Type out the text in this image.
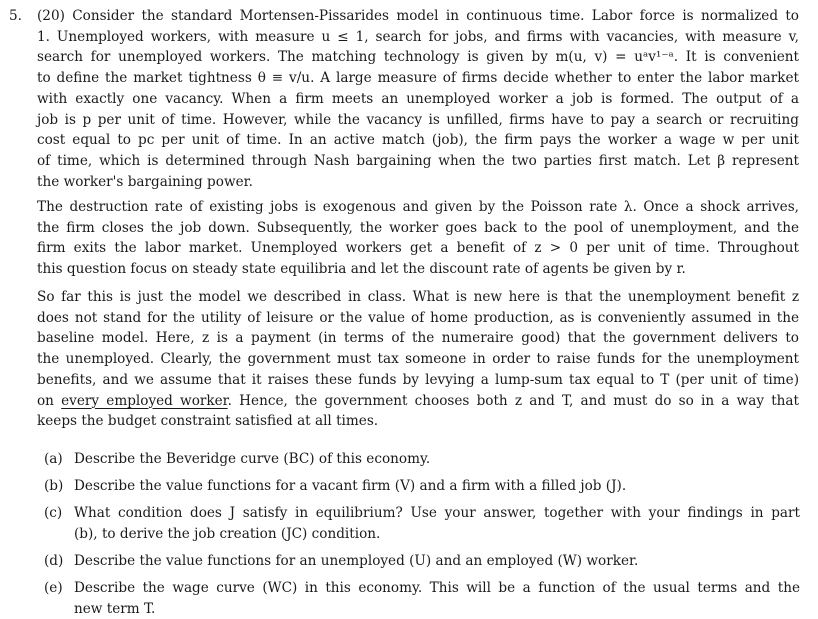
5. (20) Consider the standard Mortensen-Pissarides model in continuous time. Labor force is normalized to
1. Unemployed workers, with measure u ≤ 1, search for jobs, and firms with vacancies, with measure v,
search for unemployed workers. The matching technology is given by m(u, v) = uᵃv¹⁻ᵃ. It is convenient
to define the market tightness θ ≡ v/u. A large measure of firms decide whether to enter the labor market
with exactly one vacancy. When a firm meets an unemployed worker a job is formed. The output of a
job is p per unit of time. However, while the vacancy is unfilled, firms have to pay a search or recruiting
cost equal to pc per unit of time. In an active match (job), the firm pays the worker a wage w per unit
of time, which is determined through Nash bargaining when the two parties first match. Let β represent
the worker's bargaining power.
The destruction rate of existing jobs is exogenous and given by the Poisson rate λ. Once a shock arrives,
the firm closes the job down. Subsequently, the worker goes back to the pool of unemployment, and the
firm exits the labor market. Unemployed workers get a benefit of z > 0 per unit of time. Throughout
this question focus on steady state equilibria and let the discount rate of agents be given by r.
So far this is just the model we described in class. What is new here is that the unemployment benefit z
does not stand for the utility of leisure or the value of home production, as is conveniently assumed in the
baseline model. Here, z is a payment (in terms of the numeraire good) that the government delivers to
the unemployed. Clearly, the government must tax someone in order to raise funds for the unemployment
benefits, and we assume that it raises these funds by levying a lump-sum tax equal to T (per unit of time)
on every employed worker. Hence, the government chooses both z and T, and must do so in a way that
keeps the budget constraint satisfied at all times.
(a) Describe the Beveridge curve (BC) of this economy.
(b) Describe the value functions for a vacant firm (V) and a firm with a filled job (J).
(c) What condition does J satisfy in equilibrium? Use your answer, together with your findings in part
(b), to derive the job creation (JC) condition.
(d) Describe the value functions for an unemployed (U) and an employed (W) worker.
(e) Describe the wage curve (WC) in this economy. This will be a function of the usual terms and the
new term T.
